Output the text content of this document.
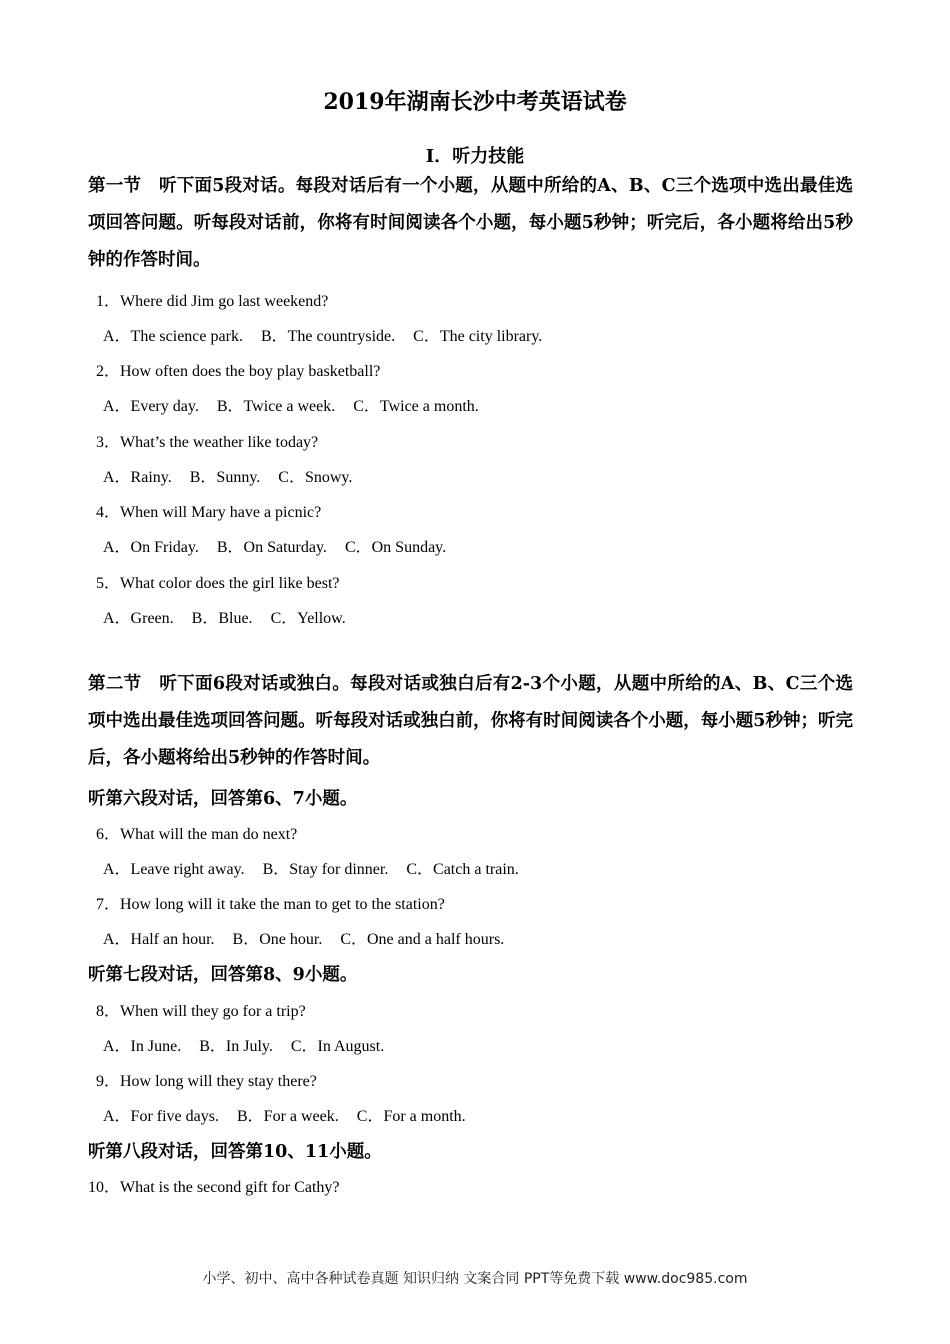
2019年湖南长沙中考英语试卷
I．听力技能
第一节　听下面5段对话。每段对话后有一个小题，从题中所给的A、B、C三个选项中选出最佳选项回答问题。听每段对话前，你将有时间阅读各个小题，每小题5秒钟；听完后，各小题将给出5秒钟的作答时间。
1．Where did Jim go last weekend?
A．The science park. B．The countryside. C．The city library.
2．How often does the boy play basketball?
A．Every day. B．Twice a week. C．Twice a month.
3．What’s the weather like today?
A．Rainy. B．Sunny. C．Snowy.
4．When will Mary have a picnic?
A．On Friday. B．On Saturday. C．On Sunday.
5．What color does the girl like best?
A．Green. B．Blue. C．Yellow.
第二节　听下面6段对话或独白。每段对话或独白后有2-3个小题，从题中所给的A、B、C三个选项中选出最佳选项回答问题。听每段对话或独白前，你将有时间阅读各个小题，每小题5秒钟；听完后，各小题将给出5秒钟的作答时间。
听第六段对话，回答第6、7小题。
6．What will the man do next?
A．Leave right away. B．Stay for dinner. C．Catch a train.
7．How long will it take the man to get to the station?
A．Half an hour. B．One hour. C．One and a half hours.
听第七段对话，回答第8、9小题。
8．When will they go for a trip?
A．In June. B．In July. C．In August.
9．How long will they stay there?
A．For five days. B．For a week. C．For a month.
听第八段对话，回答第10、11小题。
10．What is the second gift for Cathy?
小学、初中、高中各种试卷真题 知识归纳 文案合同 PPT等免费下载 www.doc985.com
